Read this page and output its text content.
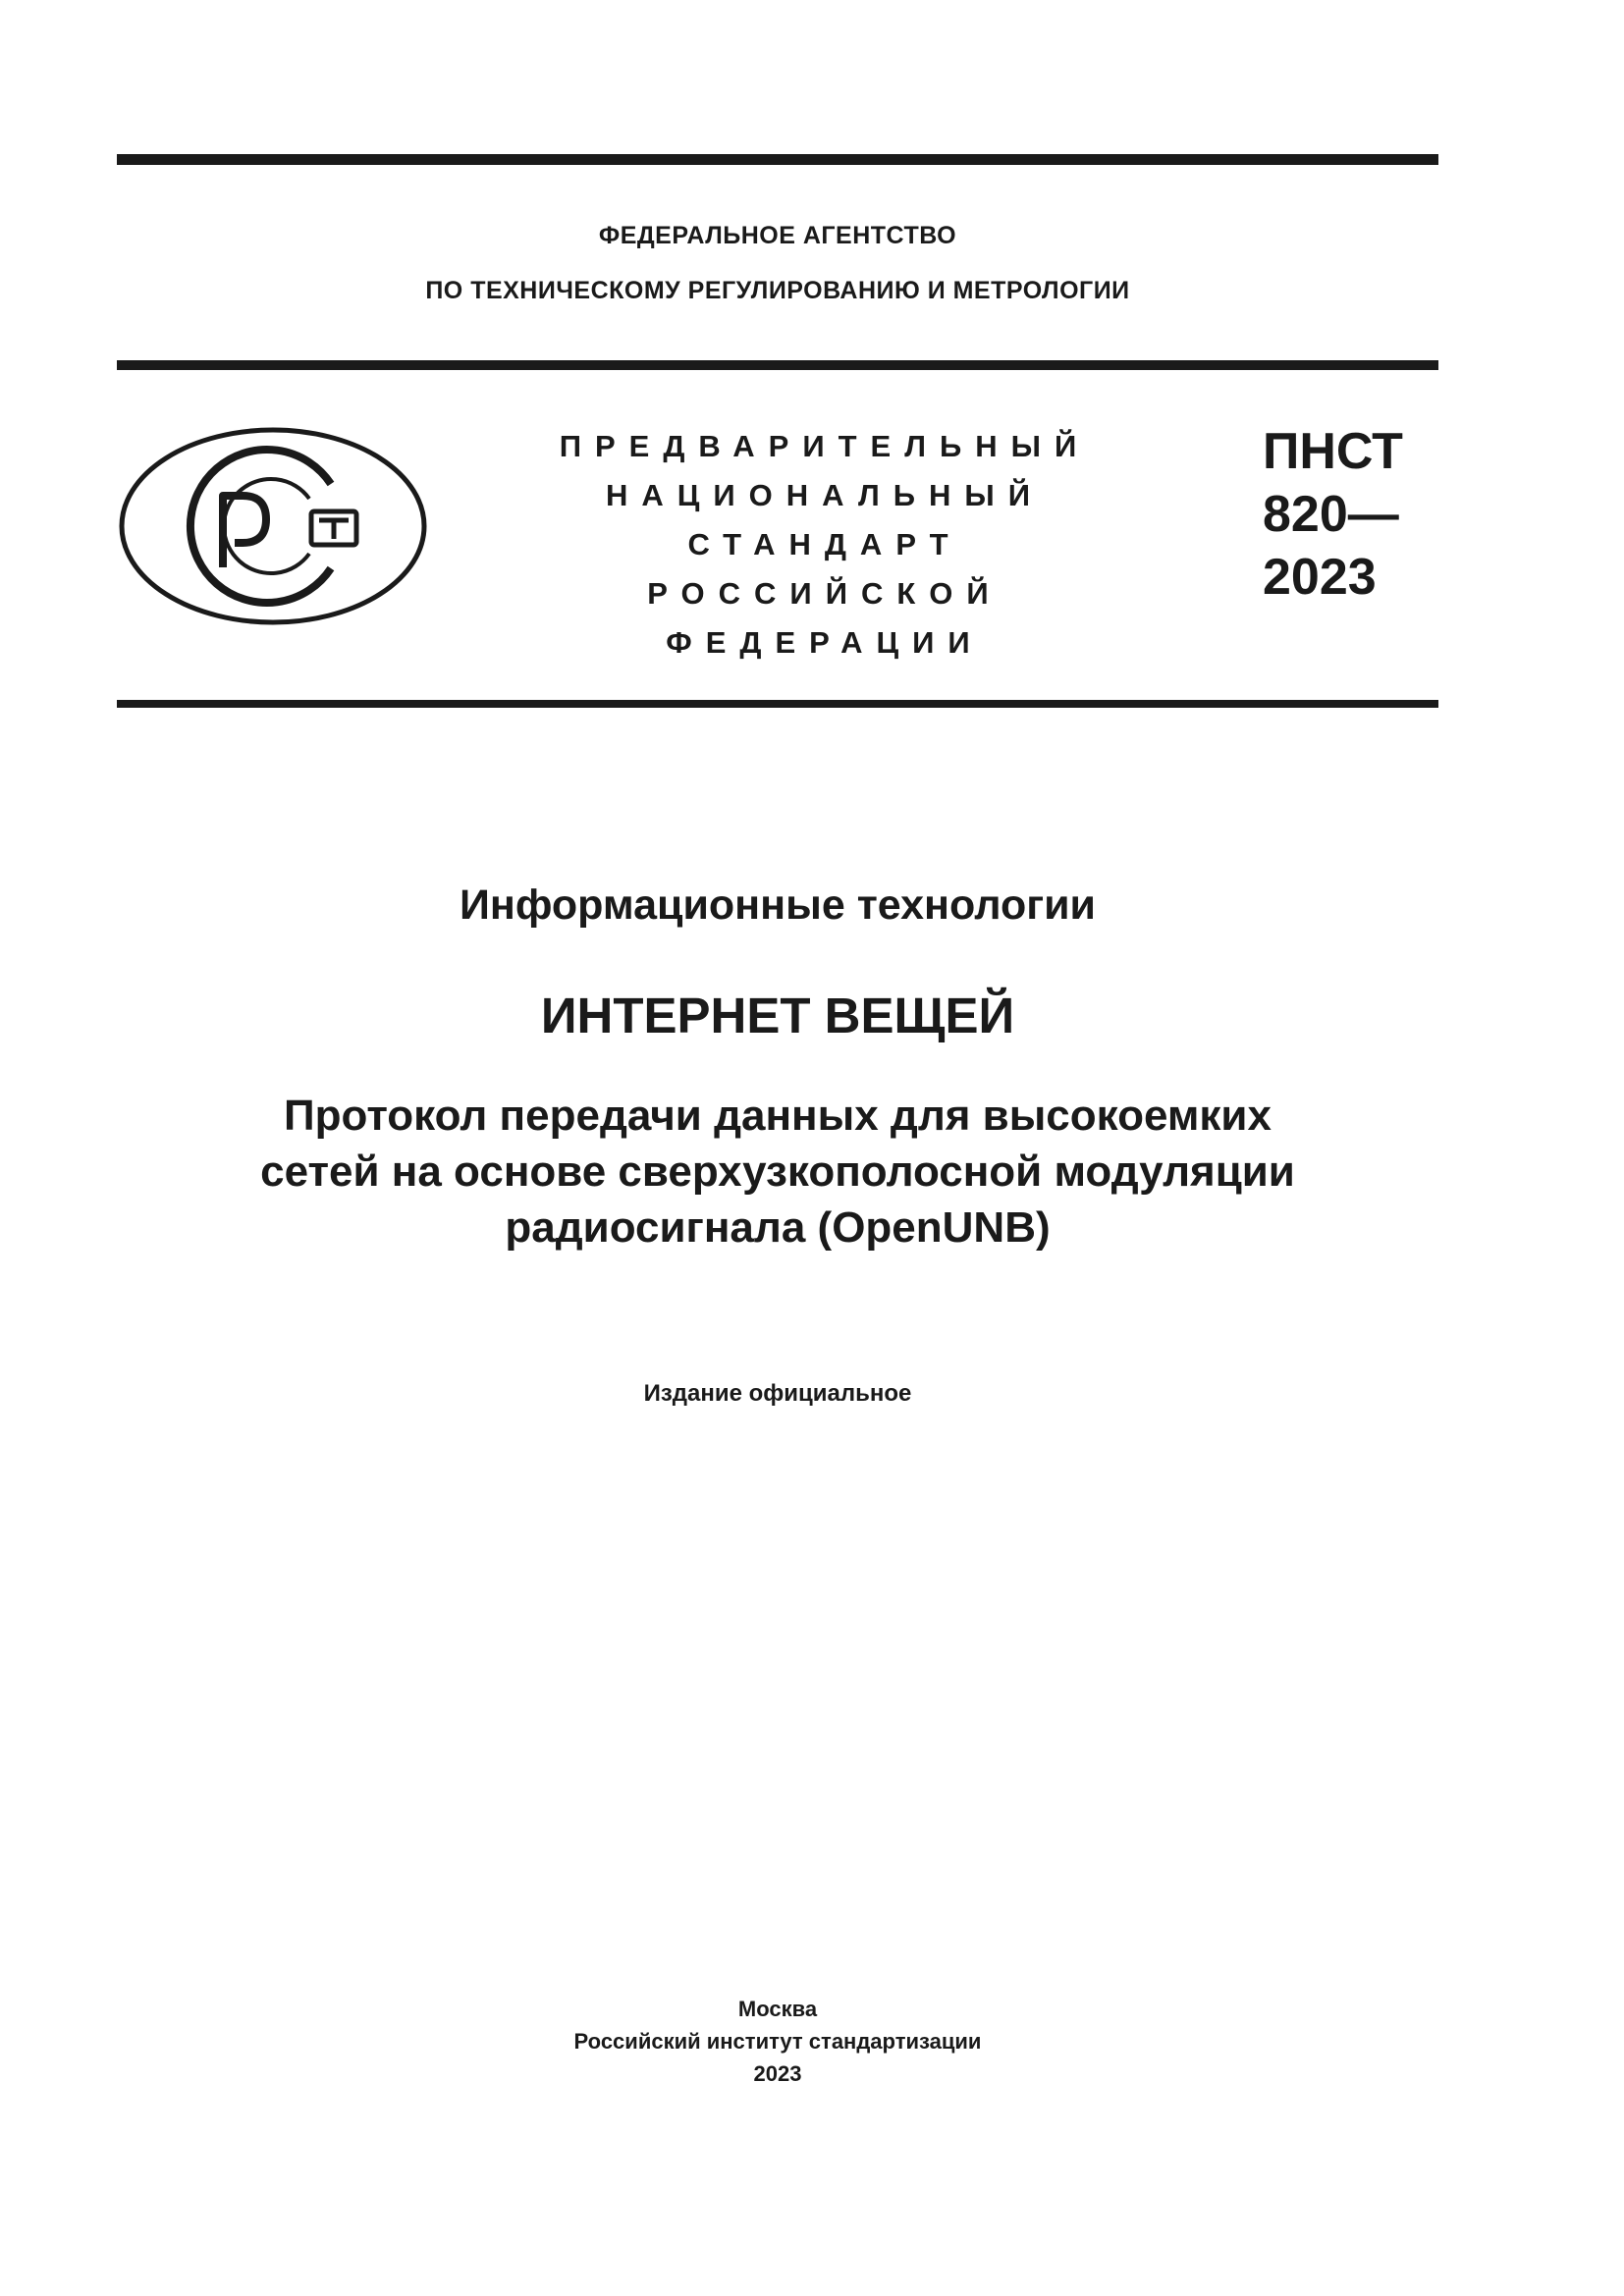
ФЕДЕРАЛЬНОЕ АГЕНТСТВО
ПО ТЕХНИЧЕСКОМУ РЕГУЛИРОВАНИЮ И МЕТРОЛОГИИ
ПРЕДВАРИТЕЛЬНЫЙ
НАЦИОНАЛЬНЫЙ
СТАНДАРТ
РОССИЙСКОЙ
ФЕДЕРАЦИИ
ПНСТ
820—
2023
Информационные технологии
ИНТЕРНЕТ ВЕЩЕЙ
Протокол передачи данных для высокоемких
сетей на основе сверхузкополосной модуляции
радиосигнала (OpenUNB)
Издание официальное
Москва
Российский институт стандартизации
2023
